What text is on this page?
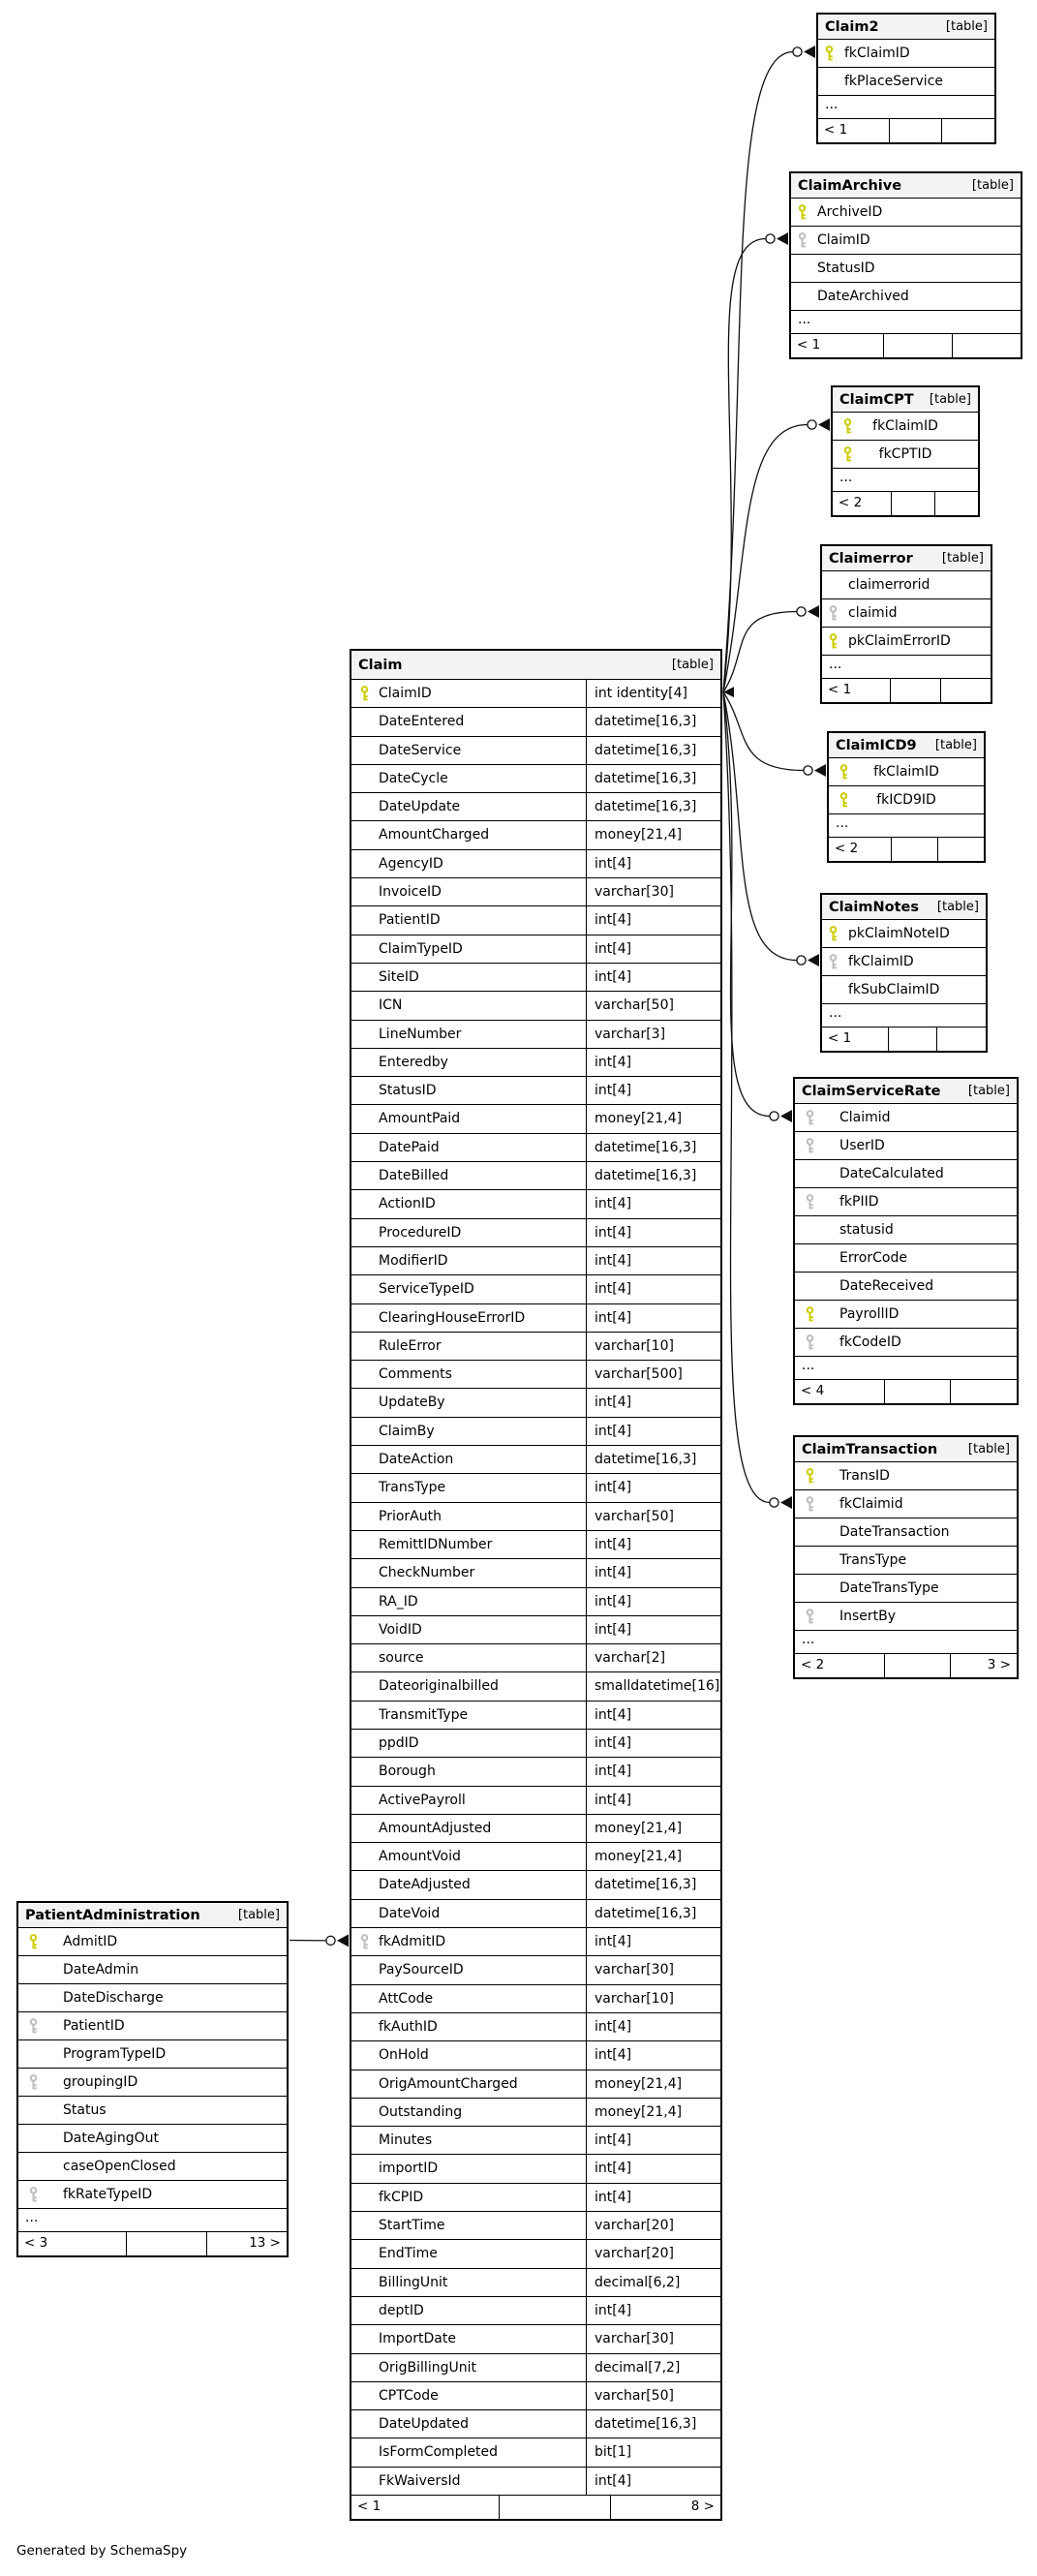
Claim	[table]
ClaimID	int identity[4]
DateEntered	datetime[16,3]
DateService	datetime[16,3]
DateCycle	datetime[16,3]
DateUpdate	datetime[16,3]
AmountCharged	money[21,4]
AgencyID	int[4]
InvoiceID	varchar[30]
PatientID	int[4]
ClaimTypeID	int[4]
SiteID	int[4]
ICN	varchar[50]
LineNumber	varchar[3]
Enteredby	int[4]
StatusID	int[4]
AmountPaid	money[21,4]
DatePaid	datetime[16,3]
DateBilled	datetime[16,3]
ActionID	int[4]
ProcedureID	int[4]
ModifierID	int[4]
ServiceTypeID	int[4]
ClearingHouseErrorID	int[4]
RuleError	varchar[10]
Comments	varchar[500]
UpdateBy	int[4]
ClaimBy	int[4]
DateAction	datetime[16,3]
TransType	int[4]
PriorAuth	varchar[50]
RemittIDNumber	int[4]
CheckNumber	int[4]
RA_ID	int[4]
VoidID	int[4]
source	varchar[2]
Dateoriginalbilled	smalldatetime[16]
TransmitType	int[4]
ppdID	int[4]
Borough	int[4]
ActivePayroll	int[4]
AmountAdjusted	money[21,4]
AmountVoid	money[21,4]
DateAdjusted	datetime[16,3]
DateVoid	datetime[16,3]
fkAdmitID	int[4]
PaySourceID	varchar[30]
AttCode	varchar[10]
fkAuthID	int[4]
OnHold	int[4]
OrigAmountCharged	money[21,4]
Outstanding	money[21,4]
Minutes	int[4]
importID	int[4]
fkCPID	int[4]
StartTime	varchar[20]
EndTime	varchar[20]
BillingUnit	decimal[6,2]
deptID	int[4]
ImportDate	varchar[30]
OrigBillingUnit	decimal[7,2]
CPTCode	varchar[50]
DateUpdated	datetime[16,3]
IsFormCompleted	bit[1]
FkWaiversId	int[4]
< 1	8 >
Claim2	[table]
fkClaimID
fkPlaceService
...
< 1
ClaimArchive	[table]
ArchiveID
ClaimID
StatusID
DateArchived
...
< 1
ClaimCPT [table]
fkClaimID
fkCPTID
...
< 2
Claimerror [table]
claimerrorid
claimid
pkClaimErrorID
...
< 1
ClaimICD9 [table]
fkClaimID
fkICD9ID
...
< 2
ClaimNotes [table]
pkClaimNoteID
fkClaimID
fkSubClaimID
...
< 1
ClaimServiceRate [table]
Claimid
UserID
DateCalculated
fkPIID
statusid
ErrorCode
DateReceived
PayrollID
fkCodeID
...
< 4
ClaimTransaction [table]
TransID
fkClaimid
DateTransaction
TransType
DateTransType
InsertBy
...
< 2	3 >
PatientAdministration	[table]
AdmitID
DateAdmin
DateDischarge
PatientID
ProgramTypeID
groupingID
Status
DateAgingOut
caseOpenClosed
fkRateTypeID
...
< 3	13 >
Generated by SchemaSpy
